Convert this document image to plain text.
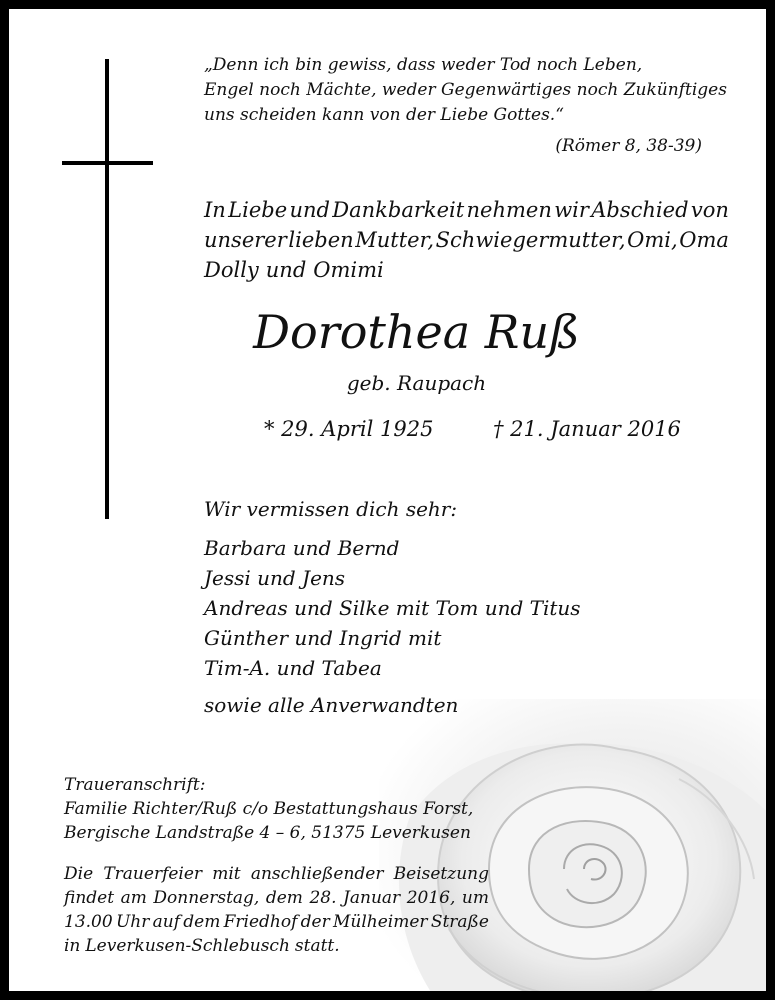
„Denn ich bin gewiss, dass weder Tod noch Leben,
Engel noch Mächte, weder Gegenwärtiges noch Zukünftiges
uns scheiden kann von der Liebe Gottes.“
(Römer 8, 38-39)
In Liebe und Dankbarkeit nehmen wir Abschied von
unserer lieben Mutter, Schwiegermutter, Omi, Oma
Dolly und Omimi
Dorothea Ruß
geb. Raupach
* 29. April 1925	† 21. Januar 2016
Wir vermissen dich sehr:
Barbara und Bernd
Jessi und Jens
Andreas und Silke mit Tom und Titus
Günther und Ingrid mit
Tim-A. und Tabea
sowie alle Anverwandten
Traueranschrift:
Familie Richter/Ruß c/o Bestattungshaus Forst,
Bergische Landstraße 4 – 6, 51375 Leverkusen
Die Trauerfeier mit anschließender Beisetzung
findet am Donnerstag, dem 28. Januar 2016, um
13.00 Uhr auf dem Friedhof der Mülheimer Straße
in Leverkusen-Schlebusch statt.
